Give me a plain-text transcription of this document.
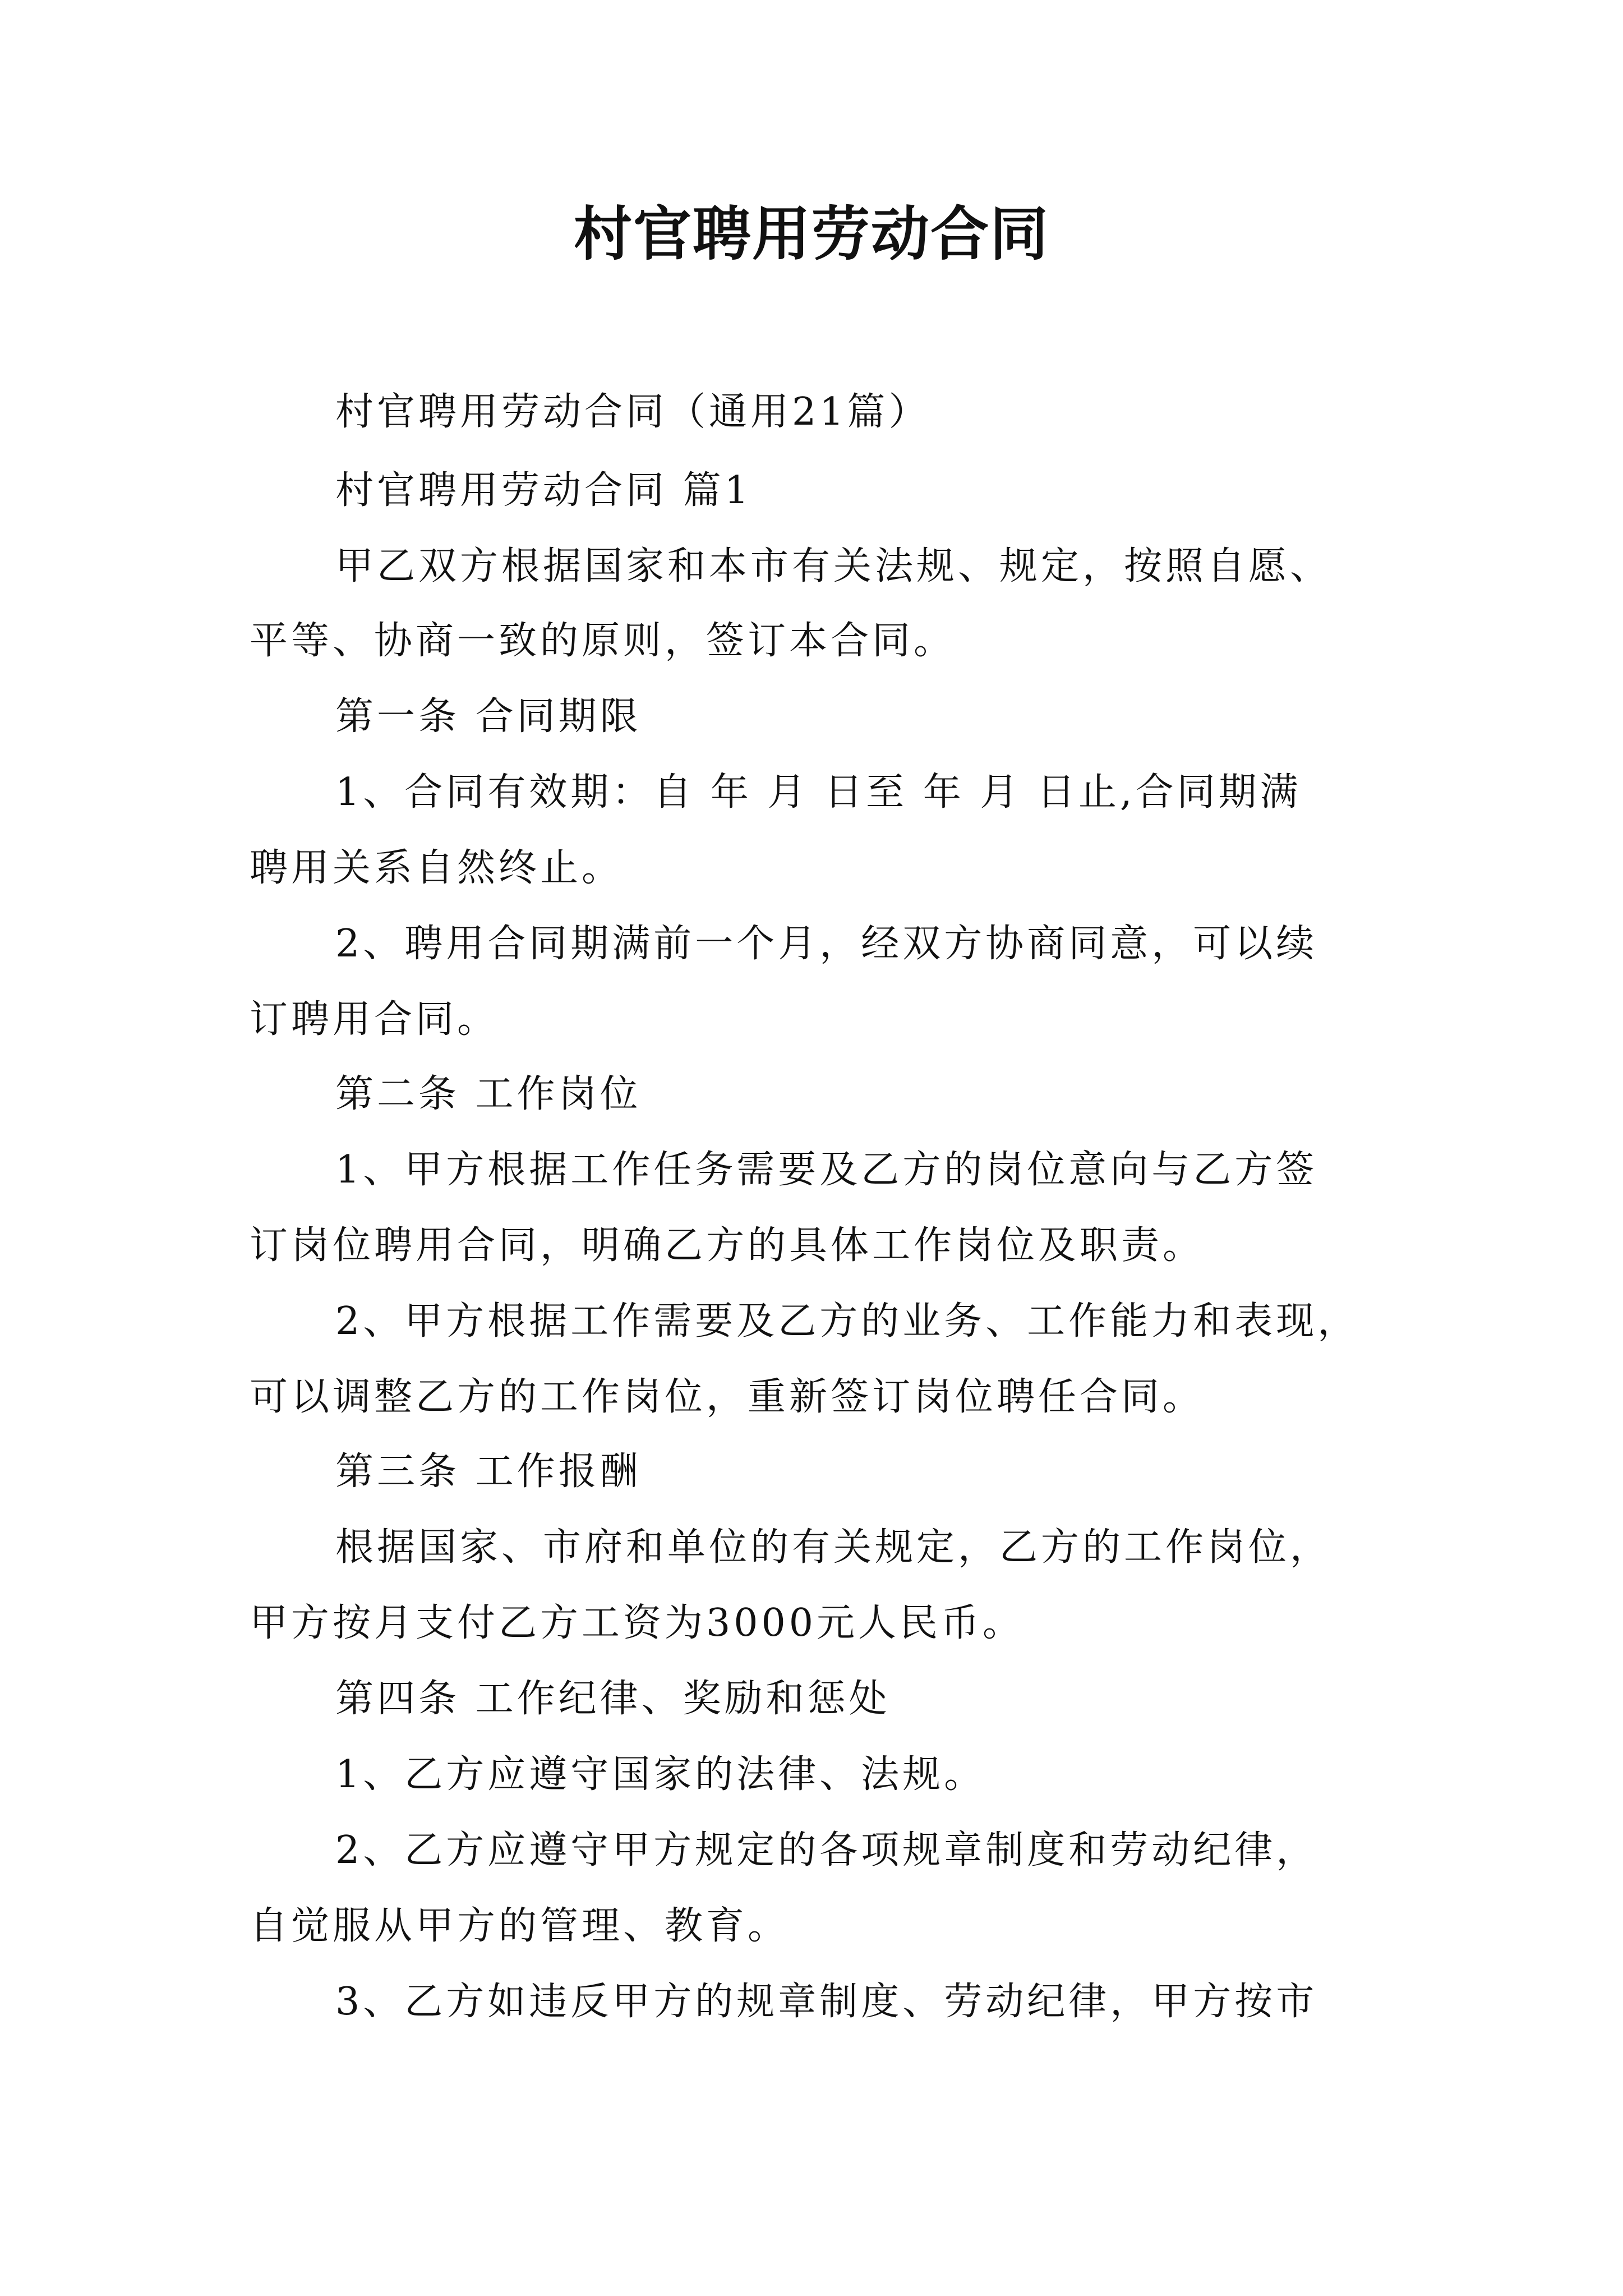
村官聘用劳动合同
村官聘用劳动合同（通用21篇）
村官聘用劳动合同 篇1
甲乙双方根据国家和本市有关法规、规定，按照自愿、
平等、协商一致的原则，签订本合同。
第一条 合同期限
1、合同有效期：自 年 月 日至 年 月 日止,合同期满
聘用关系自然终止。
2、聘用合同期满前一个月，经双方协商同意，可以续
订聘用合同。
第二条 工作岗位
1、甲方根据工作任务需要及乙方的岗位意向与乙方签
订岗位聘用合同，明确乙方的具体工作岗位及职责。
2、甲方根据工作需要及乙方的业务、工作能力和表现，
可以调整乙方的工作岗位，重新签订岗位聘任合同。
第三条 工作报酬
根据国家、市府和单位的有关规定，乙方的工作岗位，
甲方按月支付乙方工资为3000元人民币。
第四条 工作纪律、奖励和惩处
1、乙方应遵守国家的法律、法规。
2、乙方应遵守甲方规定的各项规章制度和劳动纪律，
自觉服从甲方的管理、教育。
3、乙方如违反甲方的规章制度、劳动纪律，甲方按市
